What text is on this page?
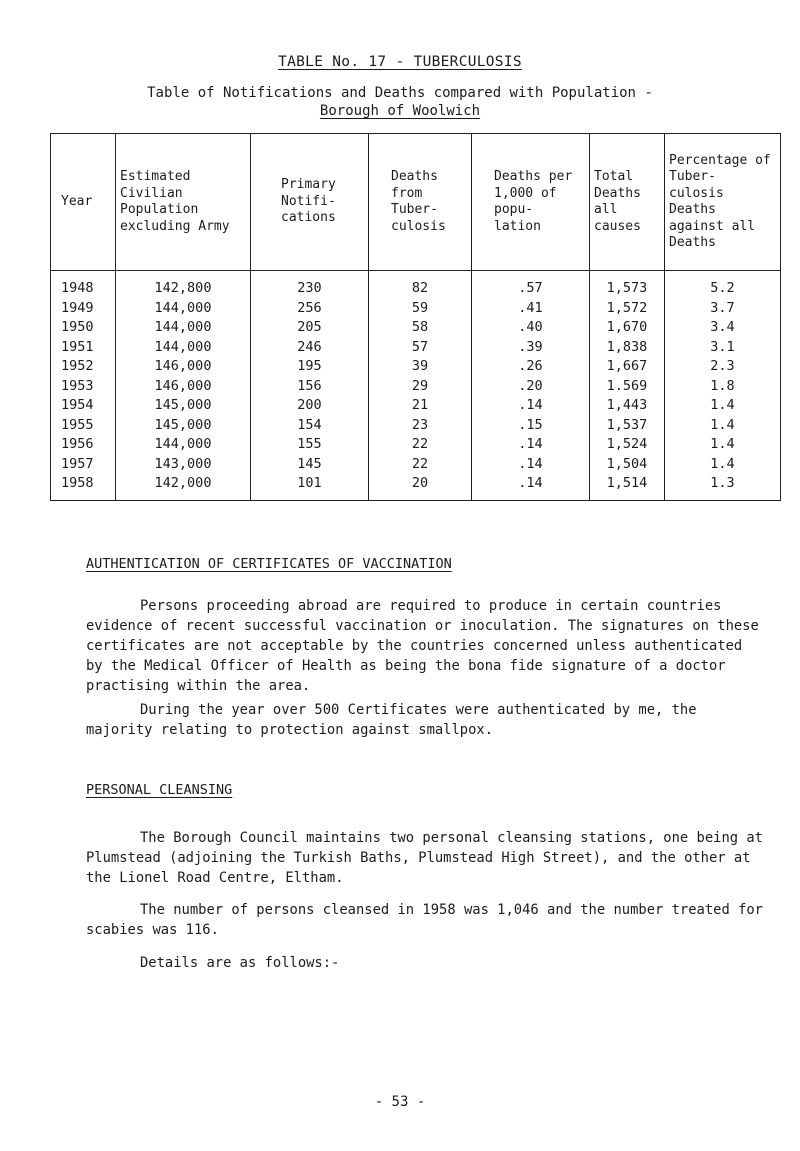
TABLE No. 17 - TUBERCULOSIS
Table of Notifications and Deaths compared with Population -
Borough of Woolwich
Year	Estimated Civilian Population excluding Army	Primary Notifi- cations	Deaths from Tuber- culosis	Deaths per 1,000 of popu- lation	Total Deaths all causes	Percentage of Tuber- culosis Deaths against all Deaths
1948	142,800	230	82	.57	1,573	5.2
1949	144,000	256	59	.41	1,572	3.7
1950	144,000	205	58	.40	1,670	3.4
1951	144,000	246	57	.39	1,838	3.1
1952	146,000	195	39	.26	1,667	2.3
1953	146,000	156	29	.20	1.569	1.8
1954	145,000	200	21	.14	1,443	1.4
1955	145,000	154	23	.15	1,537	1.4
1956	144,000	155	22	.14	1,524	1.4
1957	143,000	145	22	.14	1,504	1.4
1958	142,000	101	20	.14	1,514	1.3
AUTHENTICATION OF CERTIFICATES OF VACCINATION

Persons proceeding abroad are required to produce in certain countries evidence of recent successful vaccination or inoculation. The signatures on these certificates are not acceptable by the countries concerned unless authenticated by the Medical Officer of Health as being the bona fide signature of a doctor practising within the area.

During the year over 500 Certificates were authenticated by me, the majority relating to protection against smallpox.

PERSONAL CLEANSING

The Borough Council maintains two personal cleansing stations, one being at Plumstead (adjoining the Turkish Baths, Plumstead High Street), and the other at the Lionel Road Centre, Eltham.

The number of persons cleansed in 1958 was 1,046 and the number treated for scabies was 116.

Details are as follows:-

- 53 -
